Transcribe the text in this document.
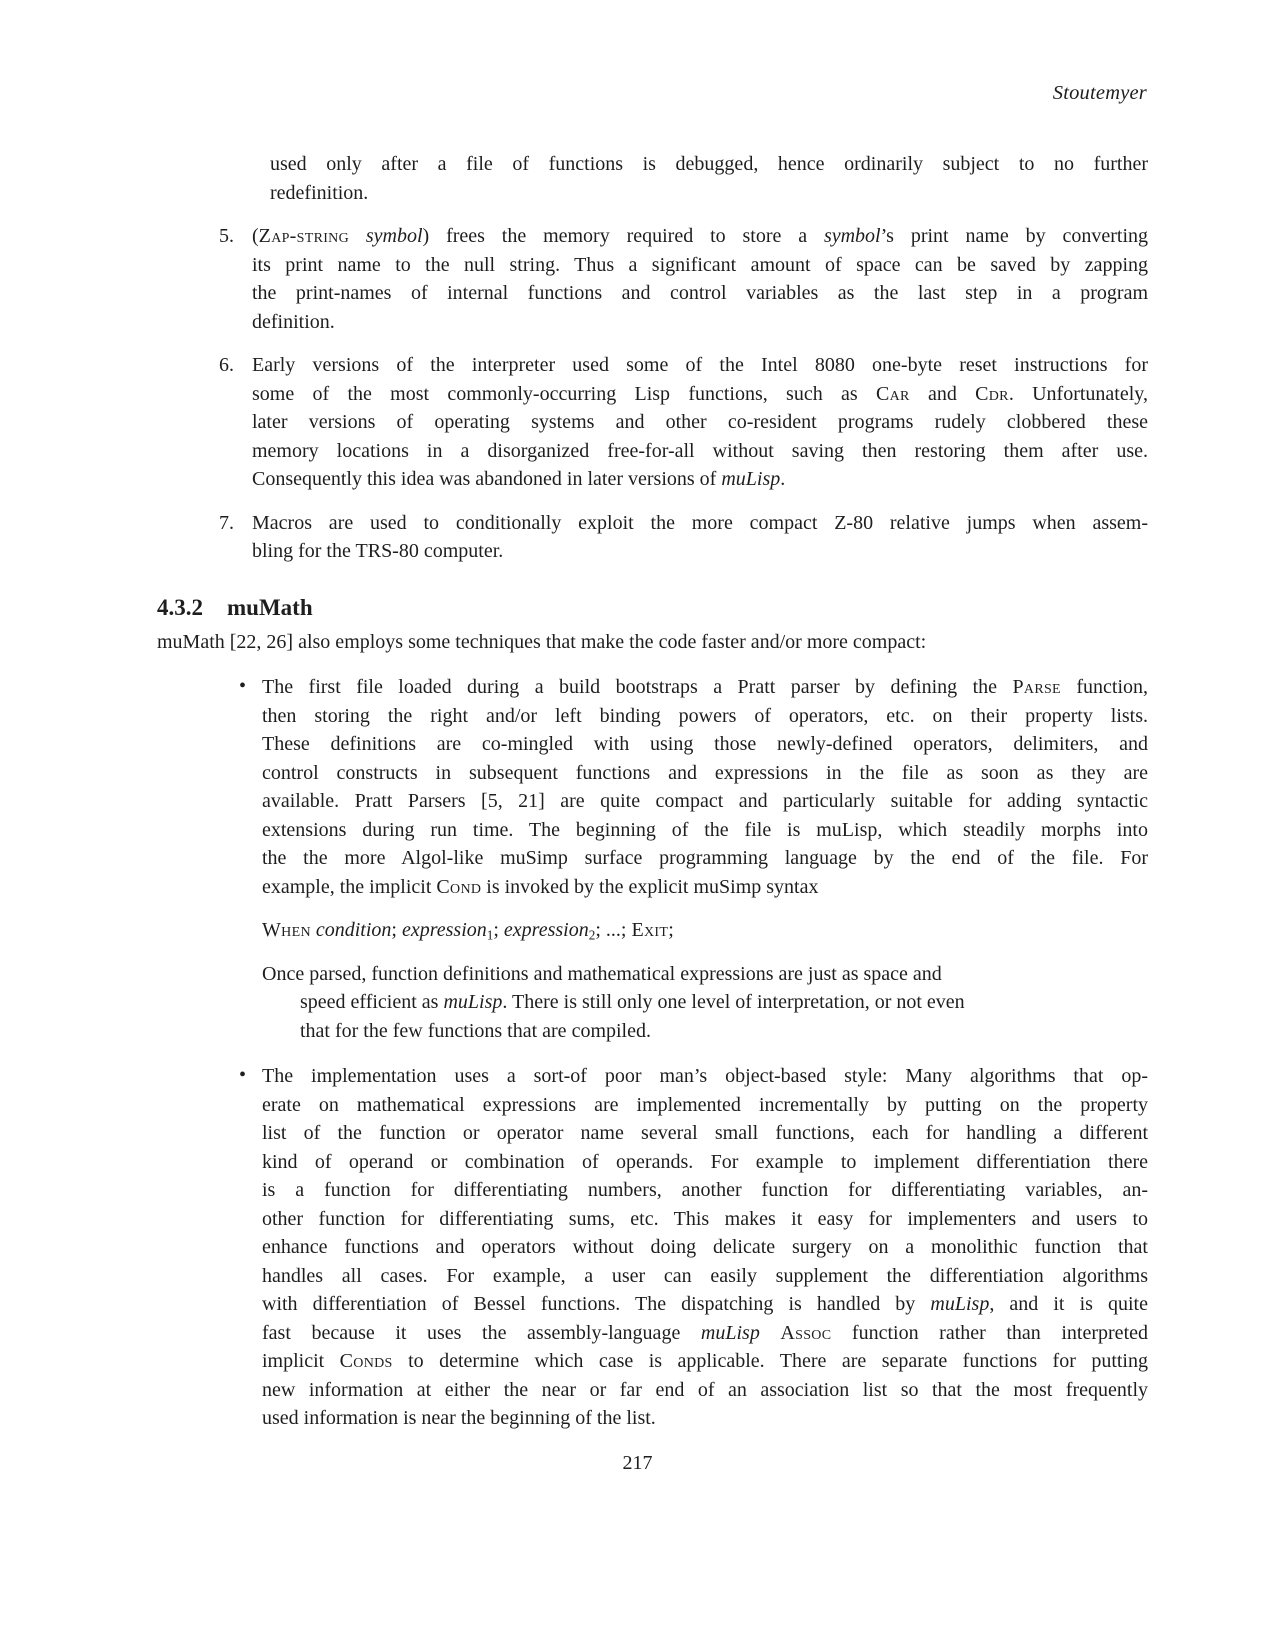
Stoutemyer
used only after a file of functions is debugged, hence ordinarily subject to no further
redefinition.
5. (Zap-string symbol) frees the memory required to store a symbol’s print name by converting
its print name to the null string. Thus a significant amount of space can be saved by zapping
the print-names of internal functions and control variables as the last step in a program
definition.
6. Early versions of the interpreter used some of the Intel 8080 one-byte reset instructions for
some of the most commonly-occurring Lisp functions, such as Car and Cdr. Unfortunately,
later versions of operating systems and other co-resident programs rudely clobbered these
memory locations in a disorganized free-for-all without saving then restoring them after use.
Consequently this idea was abandoned in later versions of muLisp.
7. Macros are used to conditionally exploit the more compact Z-80 relative jumps when assem-
bling for the TRS-80 computer.
4.3.2 muMath
muMath [22, 26] also employs some techniques that make the code faster and/or more compact:
• The first file loaded during a build bootstraps a Pratt parser by defining the Parse function,
then storing the right and/or left binding powers of operators, etc. on their property lists.
These definitions are co-mingled with using those newly-defined operators, delimiters, and
control constructs in subsequent functions and expressions in the file as soon as they are
available. Pratt Parsers [5, 21] are quite compact and particularly suitable for adding syntactic
extensions during run time. The beginning of the file is muLisp, which steadily morphs into
the the more Algol-like muSimp surface programming language by the end of the file. For
example, the implicit Cond is invoked by the explicit muSimp syntax
When condition; expression$_1$; expression$_2$; ...; Exit;
Once parsed, function definitions and mathematical expressions are just as space and
speed efficient as muLisp. There is still only one level of interpretation, or not even
that for the few functions that are compiled.
• The implementation uses a sort-of poor man’s object-based style: Many algorithms that op-
erate on mathematical expressions are implemented incrementally by putting on the property
list of the function or operator name several small functions, each for handling a different
kind of operand or combination of operands. For example to implement differentiation there
is a function for differentiating numbers, another function for differentiating variables, an-
other function for differentiating sums, etc. This makes it easy for implementers and users to
enhance functions and operators without doing delicate surgery on a monolithic function that
handles all cases. For example, a user can easily supplement the differentiation algorithms
with differentiation of Bessel functions. The dispatching is handled by muLisp, and it is quite
fast because it uses the assembly-language muLisp Assoc function rather than interpreted
implicit Conds to determine which case is applicable. There are separate functions for putting
new information at either the near or far end of an association list so that the most frequently
used information is near the beginning of the list.
217
